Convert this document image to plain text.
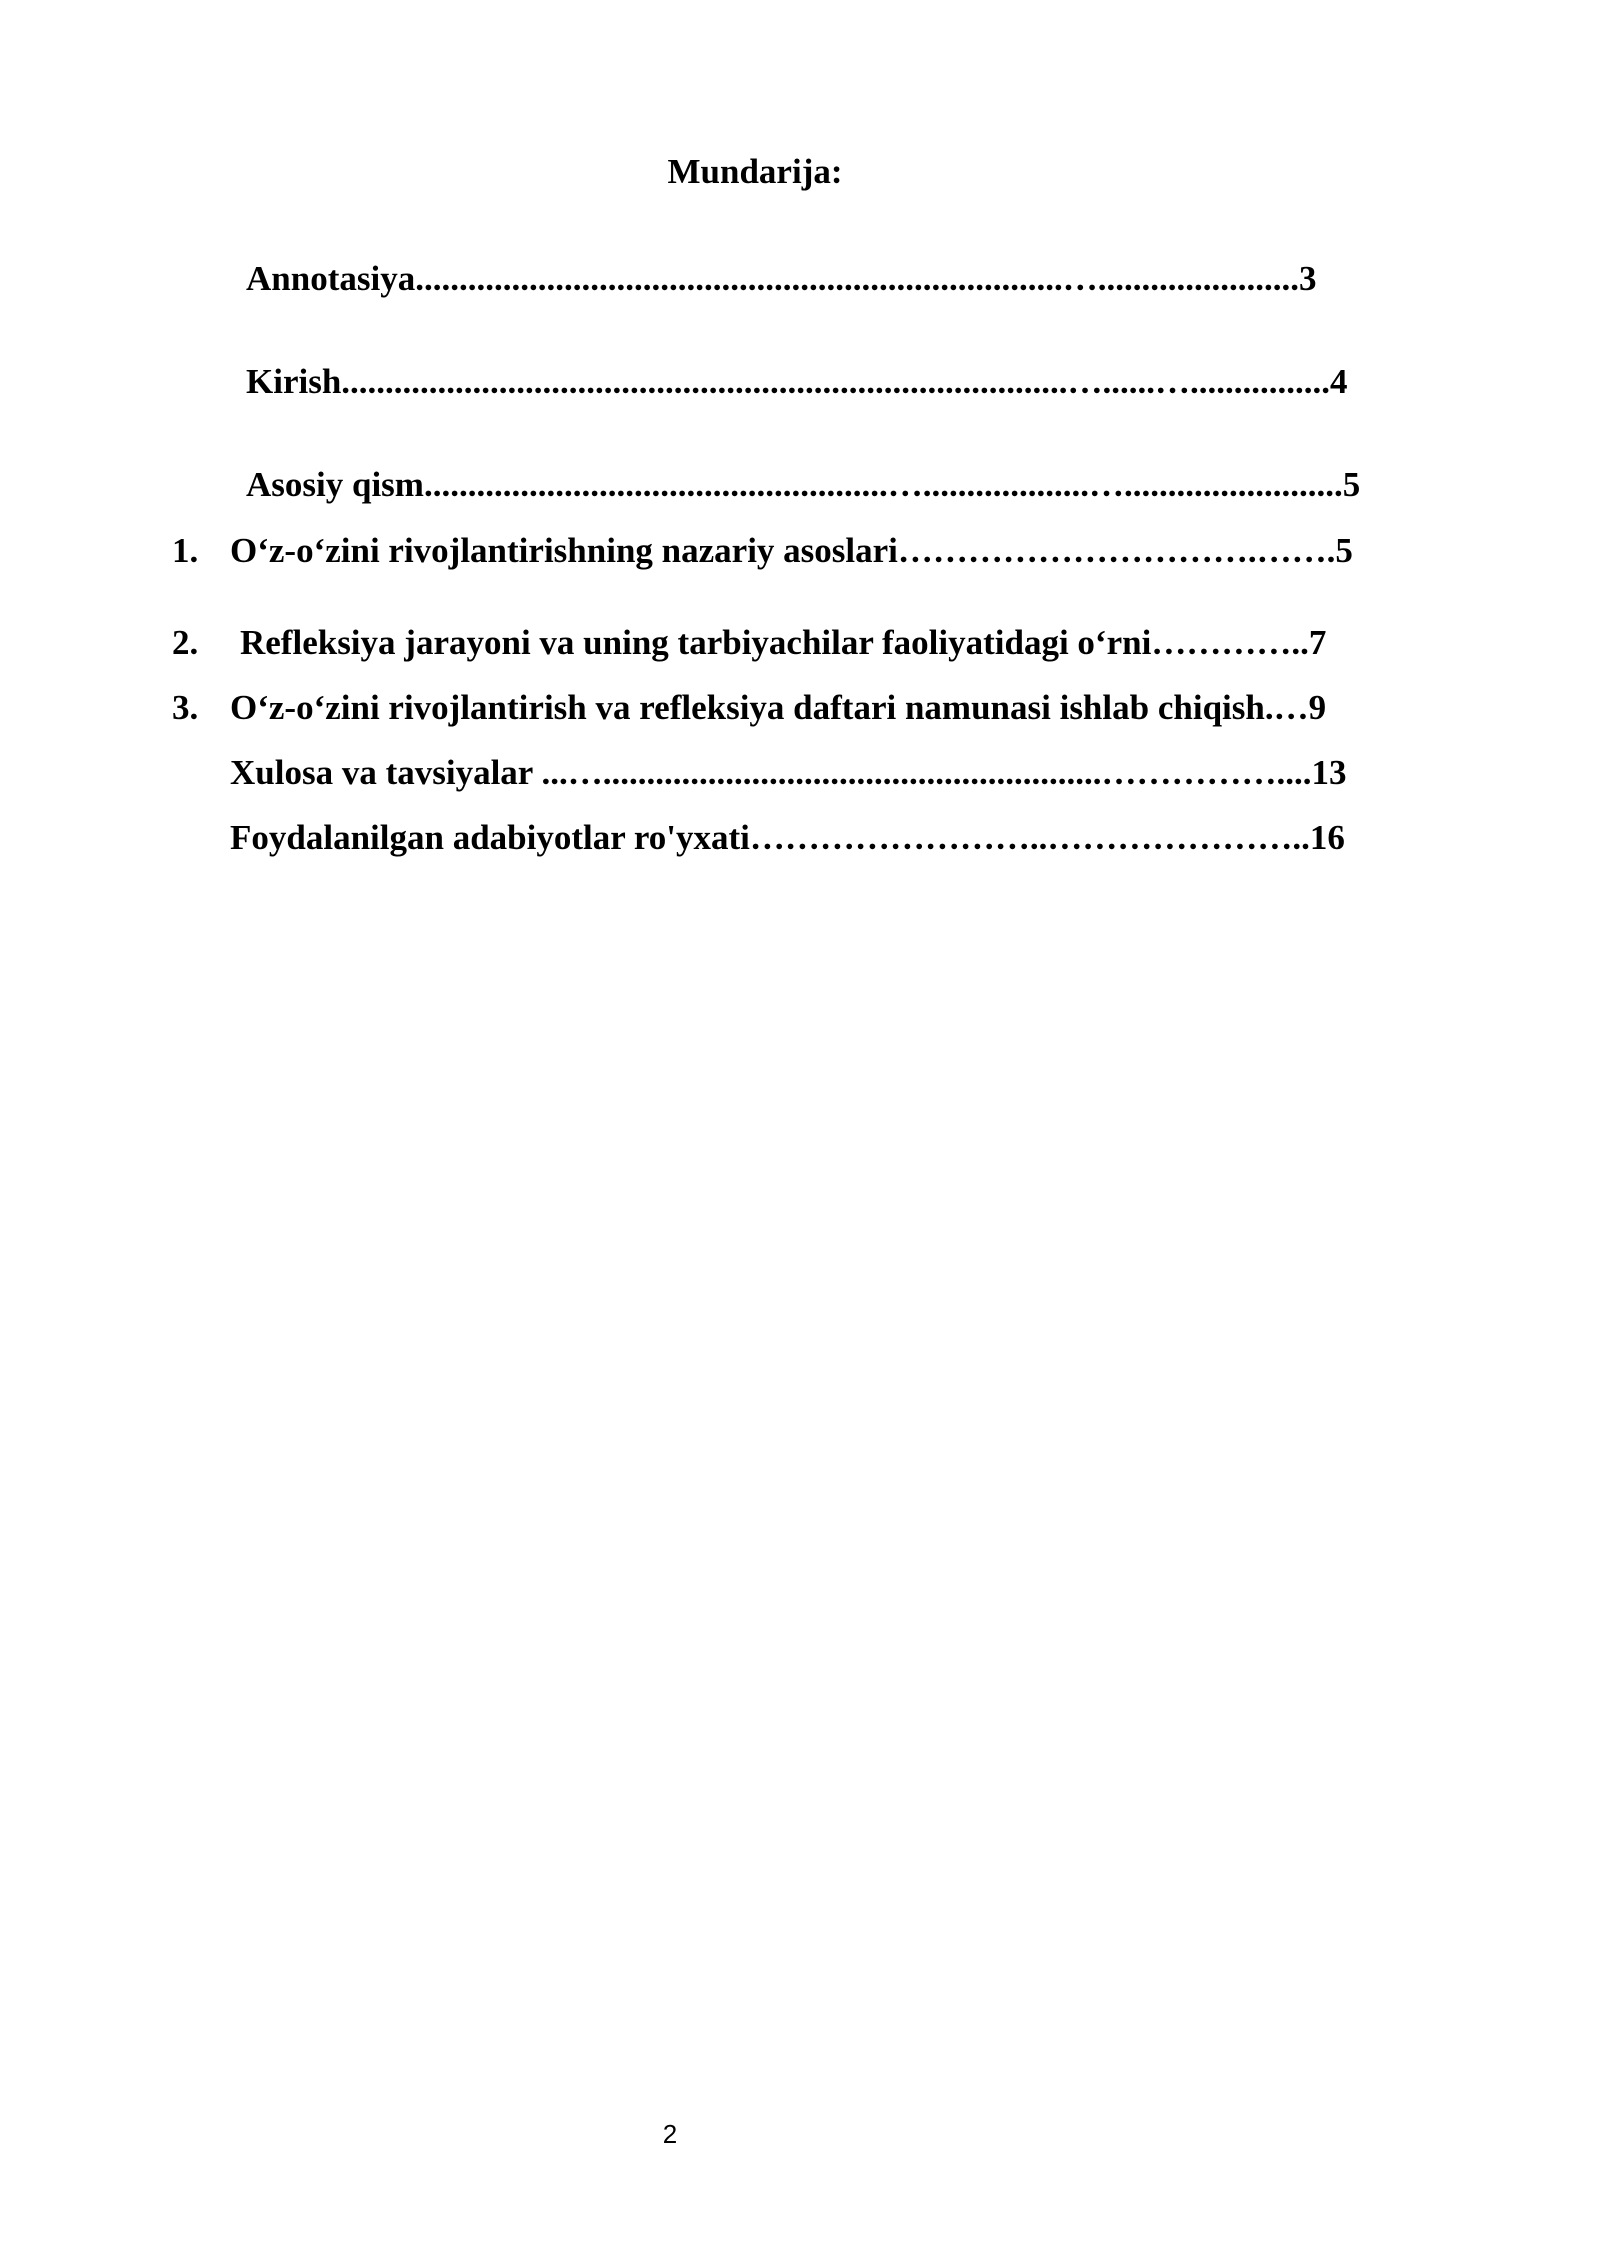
Mundarija:
Annotasiya..........................................................................….......................3
Kirish...................................................................................…......…................4
Asosiy qism.....................................................…...................….........................5
1. O‘z-o‘zini rivojlantirishning nazariy asoslari………………………….…….5
2. Refleksiya jarayoni va uning tarbiyachilar faoliyatidagi o‘rni…………..7
3. O‘z-o‘zini rivojlantirish va refleksiya daftari namunasi ishlab chiqish.…9
Xulosa va tavsiyalar ...….........................................................……………....13
Foydalanilgan adabiyotlar ro'yxati……………………..…………………..16
2
